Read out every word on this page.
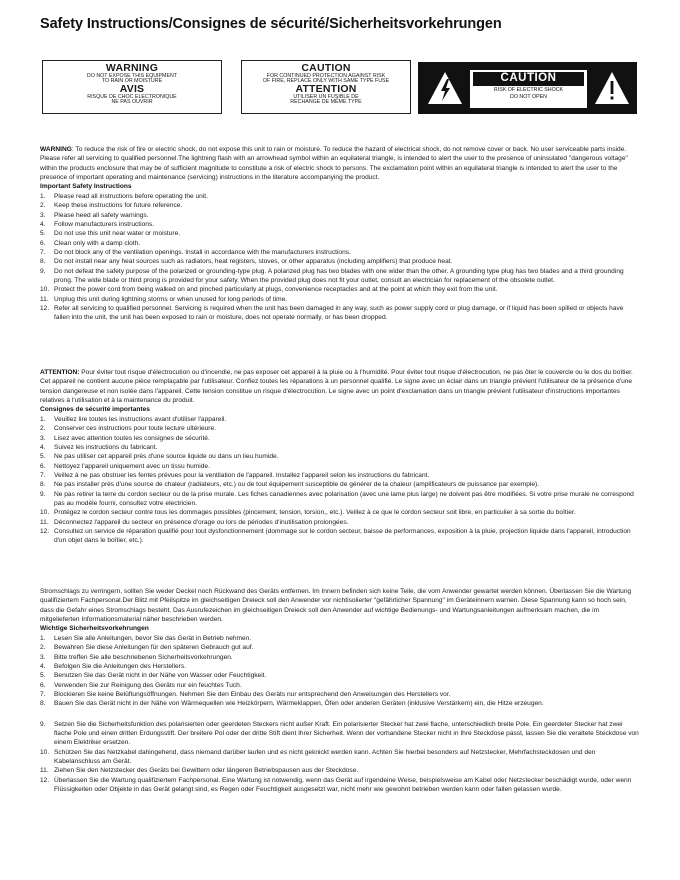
Safety Instructions/Consignes de sécurité/Sicherheitsvorkehrungen
WARNING
DO NOT EXPOSE THIS EQUIPMENT
TO RAIN OR MOISTURE
AVIS
RISQUE DE CHOC ELECTRONIQUE
NE PAS OUVRIR
CAUTION
FOR CONTINUED PROTECTION AGAINST RISK
OF FIRE, REPLACE ONLY WITH SAME TYPE FUSE
ATTENTION
UTILISER UN FUSIBLE DE
RECHANGE DE MÊME TYPE
CAUTION
RISK OF ELECTRIC SHOCK
DO NOT OPEN

WARNING: To reduce the risk of fire or electric shock, do not expose this unit to rain or moisture. To reduce the hazard of electrical shock, do not remove cover or back. No user serviceable parts inside. Please refer all servicing to qualified personnel.The lightning flash with an arrowhead symbol within an equilateral triangle, is intended to alert the user to the presence of uninsulated "dangerous voltage" within the products enclosure that may be of sufficient magnitude to constitute a risk of electric shock to persons. The exclamation point within an equilateral triangle is intended to alert the user to the presence of important operating and maintenance (servicing) instructions in the literature accompanying the product.

Important Safety Instructions
1. Please read all instructions before operating the unit.
2. Keep these instructions for future reference.
3. Please heed all safety warnings.
4. Follow manufacturers instructions.
5. Do not use this unit near water or moisture.
6. Clean only with a damp cloth.
7. Do not block any of the ventilation openings. Install in accordance with the manufacturers instructions.
8. Do not install near any heat sources such as radiators, heat registers, stoves, or other apparatus (including amplifiers) that produce heat.
9. Do not defeat the safety purpose of the polarized or grounding-type plug. A polarized plug has two blades with one wider than the other. A grounding type plug has two blades and a third grounding prong. The wide blade or third prong is provided for your safety. When the provided plug does not fit your outlet, consult an electrician for replacement of the obsolete outlet.
10. Protect the power cord from being walked on and pinched particularly at plugs, convenience receptacles and at the point at which they exit from the unit.
11. Unplug this unit during lightning storms or when unused for long periods of time.
12. Refer all servicing to qualified personnel. Servicing is required when the unit has been damaged in any way, such as power supply cord or plug damage, or if liquid has been spilled or objects have fallen into the unit, the unit has been exposed to rain or moisture, does not operate normally, or has been dropped.

ATTENTION: Pour éviter tout risque d'électrocution ou d'incendie, ne pas exposer cet appareil à la pluie ou à l'humidité. Pour éviter tout risque d'électrocution, ne pas ôter le couvercle ou le dos du boîtier. Cet appareil ne contient aucune pièce remplaçable par l'utilisateur. Confiez toutes les réparations à un personnel qualifié. Le signe avec un éclair dans un triangle prévient l'utilisateur de la présence d'une tension dangereuse et non isolée dans l'appareil. Cette tension constitue un risque d'électrocution. Le signe avec un point d'exclamation dans un triangle prévient l'utilisateur d'instructions importantes relatives à l'utilisation et à la maintenance du produit.

Consignes de sécurité importantes
1. Veuillez lire toutes les instructions avant d'utiliser l'appareil.
2. Conserver ces instructions pour toute lecture ultérieure.
3. Lisez avec attention toutes les consignes de sécurité.
4. Suivez les instructions du fabricant.
5. Ne pas utiliser cet appareil près d'une source liquide ou dans un lieu humide.
6. Nettoyez l'appareil uniquement avec un tissu humide.
7. Veillez à ne pas obstruer les fentes prévues pour la ventilation de l'appareil. Installez l'appareil selon les instructions du fabricant.
8. Ne pas installer près d'une source de chaleur (radiateurs, etc.) ou de tout équipement susceptible de générer de la chaleur (amplificateurs de puissance par exemple).
9. Ne pas retirer la terre du cordon secteur ou de la prise murale. Les fiches canadiennes avec polarisation (avec une lame plus large) ne doivent pas être modifiées. Si votre prise murale ne correspond pas au modèle fourni, consultez votre electricien.
10. Protégez le cordon secteur contre tous les dommages possibles (pincement, tension, torsion,, etc.). Veillez à ce que le cordon secteur soit libre, en particulier à sa sortie du boîtier.
11. Déconnectez l'appareil du secteur en présence d'orage ou lors de périodes d'inutilisation prolongées.
12. Consultez un service de réparation qualifié pour tout dysfonctionnement (dommage sur le cordon secteur, baisse de performances, exposition à la pluie, projection liquide dans l'appareil, introduction d'un objet dans le boîtier, etc.).

Stromschlags zu verringern, sollten Sie weder Deckel noch Rückwand des Geräts entfernen. Im Innern befinden sich keine Teile, die vom Anwender gewartet werden können. Überlassen Sie die Wartung qualifiziertem Fachpersonal.Der Blitz mit Pfeilspitze im gleichseitigen Dreieck soll den Anwender vor nichtisolierter "gefährlicher Spannung" im Geräteinnern warnen. Diese Spannung kann so hoch sein, dass die Gefahr eines Stromschlags besteht. Das Ausrufezeichen im gleichseitigen Dreieck soll den Anwender auf wichtige Bedienungs- und Wartungsanleitungen aufmerksam machen, die im mitgelieferten Informationsmaterial näher beschrieben werden.

Wichtige Sicherheitsvorkehrungen
1. Lesen Sie alle Anleitungen, bevor Sie das Gerät in Betrieb nehmen.
2. Bewahren Sie diese Anleitungen für den späteren Gebrauch gut auf.
3. Bitte treffen Sie alle beschriebenen Sicherheitsvorkehrungen.
4. Befolgen Sie die Anleitungen des Herstellers.
5. Benutzen Sie das Gerät nicht in der Nähe von Wasser oder Feuchtigkeit.
6. Verwenden Sie zur Reinigung des Geräts nur ein feuchtes Tuch.
7. Blockieren Sie keine Belüftungsöffnungen. Nehmen Sie den Einbau des Geräts nur entsprechend den Anweisungen des Herstellers vor.
8. Bauen Sie das Gerät nicht in der Nähe von Wärmequellen wie Heizkörpern, Wärmeklappen, Öfen oder anderen Geräten (inklusive Verstärkern) ein, die Hitze erzeugen.
9. Setzen Sie die Sicherheitsfunktion des polarisierten oder geerdeten Steckers nicht außer Kraft. Ein polarisierter Stecker hat zwei flache, unterschiedlich breite Pole. Ein geerdeter Stecker hat zwei flache Pole und einen dritten Erdungsstift. Der breitere Pol oder der dritte Stift dient Ihrer Sicherheit. Wenn der vorhandene Stecker nicht in Ihre Steckdose passt, lassen Sie die veraltete Steckdose von einem Elektriker ersetzen.
10. Schützen Sie das Netzkabel dahingehend, dass niemand darüber laufen und es nicht geknickt werden kann. Achten Sie hierbei besonders auf Netzstecker, Mehrfachsteckdosen und den Kabelanschluss am Gerät.
11. Ziehen Sie den Netzstecker des Geräts bei Gewittern oder längeren Betriebspausen aus der Steckdose.
12. Überlassen Sie die Wartung qualifiziertem Fachpersonal. Eine Wartung ist notwendig, wenn das Gerät auf irgendeine Weise, beispielsweise am Kabel oder Netzstecker beschädigt wurde, oder wenn Flüssigkeiten oder Objekte in das Gerät gelangt sind, es Regen oder Feuchtigkeit ausgesetzt war, nicht mehr wie gewohnt betrieben werden kann oder fallen gelassen wurde.
